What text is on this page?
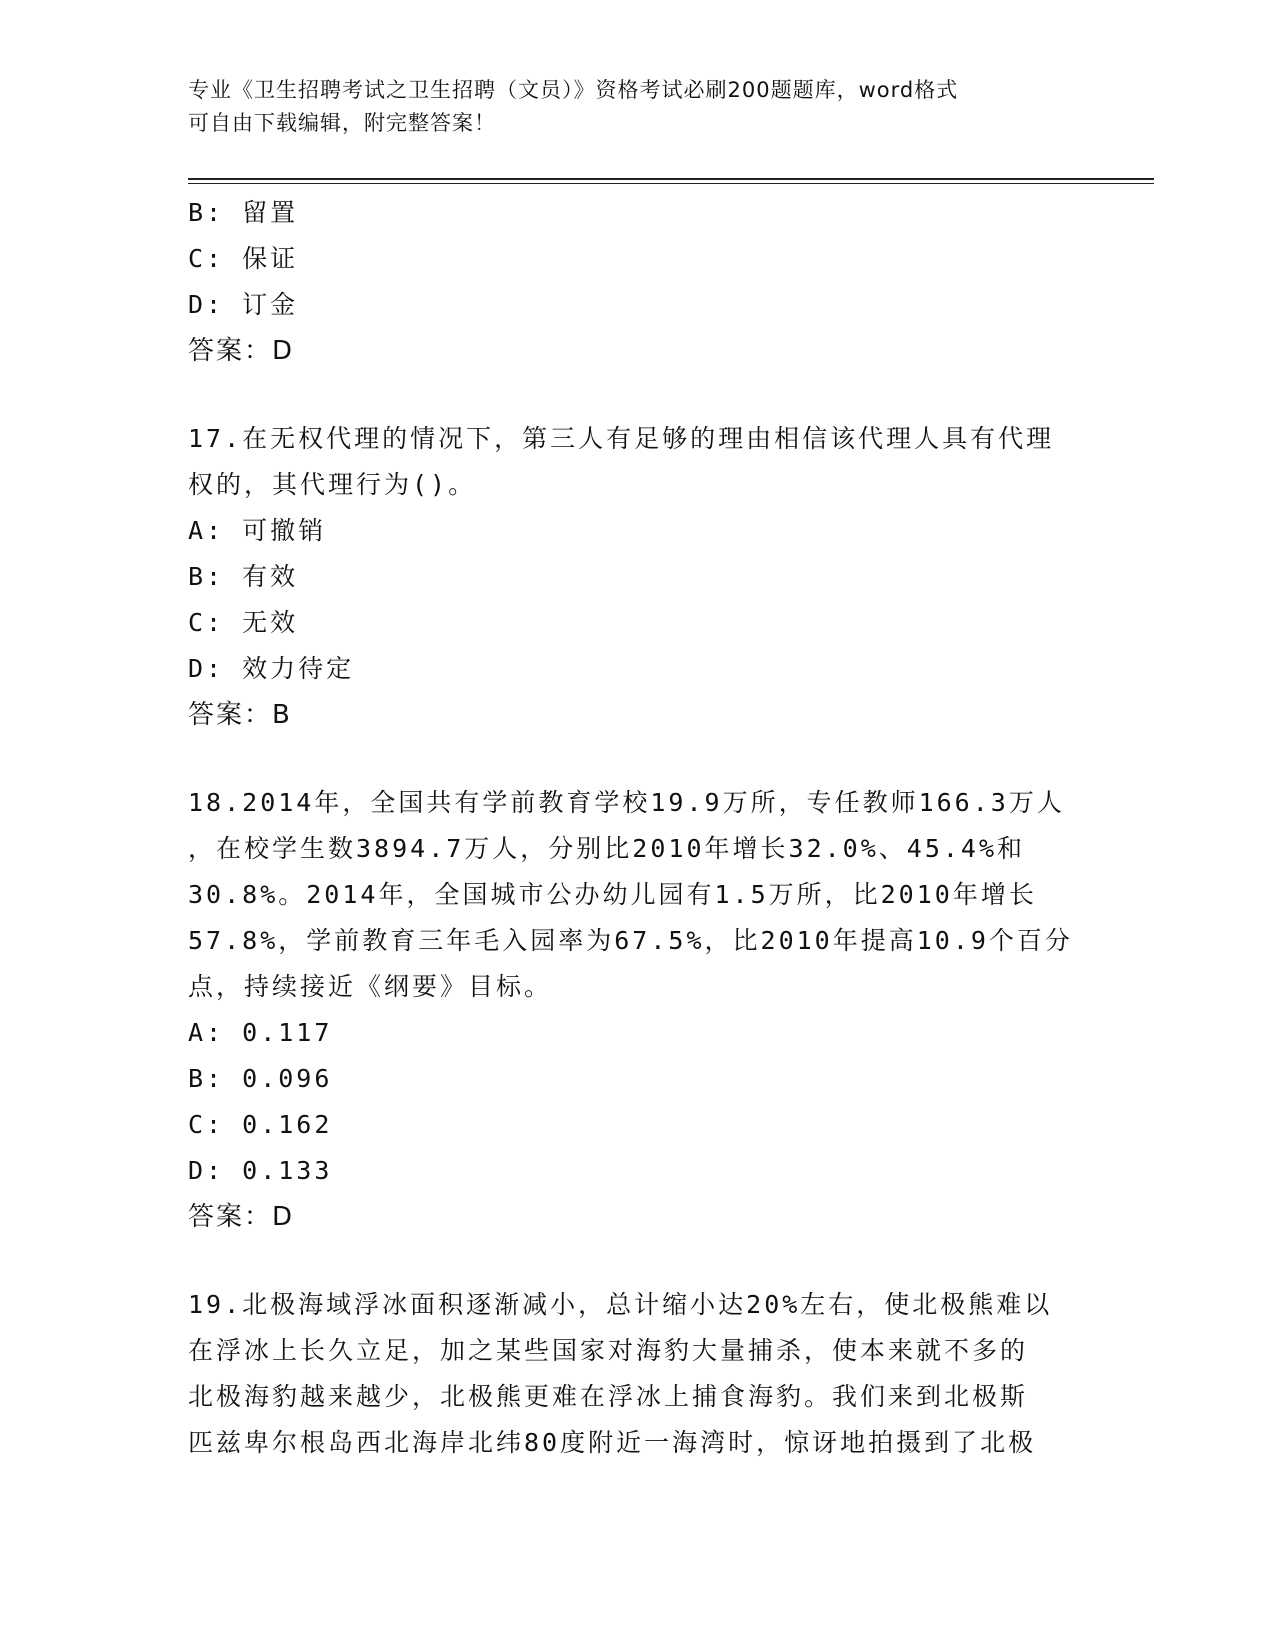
专业《卫生招聘考试之卫生招聘（文员）》资格考试必刷200题题库，word格式
可自由下载编辑，附完整答案！
B: 留置
C: 保证
D: 订金
答案：D
17.在无权代理的情况下，第三人有足够的理由相信该代理人具有代理
权的，其代理行为()。
A: 可撤销
B: 有效
C: 无效
D: 效力待定
答案：B
18.2014年，全国共有学前教育学校19.9万所，专任教师166.3万人
，在校学生数3894.7万人，分别比2010年增长32.0%、45.4%和
30.8%。2014年，全国城市公办幼儿园有1.5万所，比2010年增长
57.8%，学前教育三年毛入园率为67.5%，比2010年提高10.9个百分
点，持续接近《纲要》目标。
A: 0.117
B: 0.096
C: 0.162
D: 0.133
答案：D
19.北极海域浮冰面积逐渐减小，总计缩小达20%左右，使北极熊难以
在浮冰上长久立足，加之某些国家对海豹大量捕杀，使本来就不多的
北极海豹越来越少，北极熊更难在浮冰上捕食海豹。我们来到北极斯
匹兹卑尔根岛西北海岸北纬80度附近一海湾时，惊讶地拍摄到了北极
